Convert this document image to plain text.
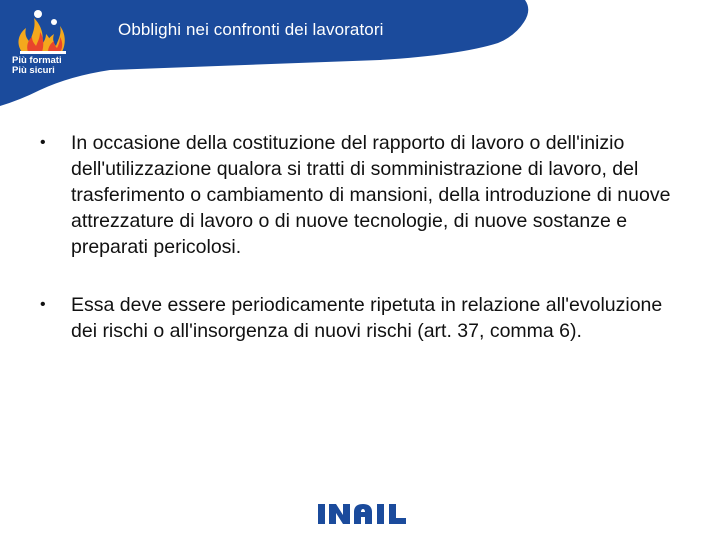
Più formati
Più sicuri
Obblighi nei confronti dei lavoratori
• In occasione della costituzione del rapporto di lavoro o dell'inizio dell'utilizzazione qualora si tratti di somministrazione di lavoro, del trasferimento o cambiamento di mansioni, della introduzione di nuove attrezzature di lavoro o di nuove tecnologie, di nuove sostanze e preparati pericolosi.
• Essa deve essere periodicamente ripetuta in relazione all'evoluzione dei rischi o all'insorgenza di nuovi rischi (art. 37, comma 6).
